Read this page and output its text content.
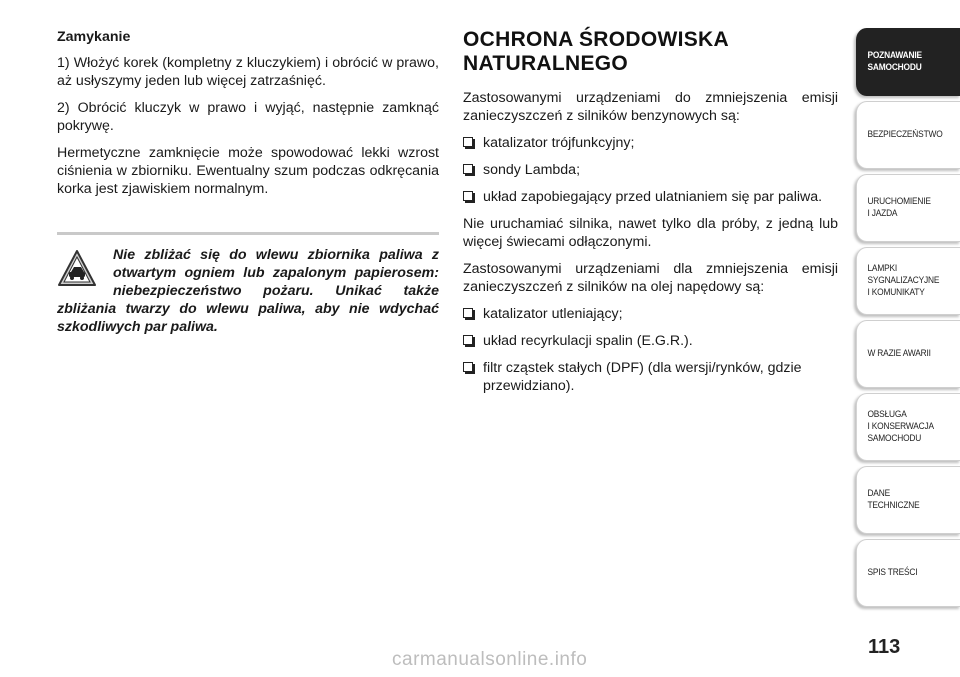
Zamykanie

1) Włożyć korek (kompletny z kluczykiem) i obrócić w prawo, aż usłyszymy jeden lub więcej zatrzaśnięć.

2) Obrócić kluczyk w prawo i wyjąć, następnie zamknąć pokrywę.

Hermetyczne zamknięcie może spowodować lekki wzrost ciśnienia w zbiorniku. Ewentualny szum podczas odkręcania korka jest zjawiskiem normalnym.

Nie zbliżać się do wlewu zbiornika paliwa z otwartym ogniem lub zapalonym papierosem: niebezpieczeństwo pożaru. Unikać także zbliżania twarzy do wlewu paliwa, aby nie wdychać szkodliwych par paliwa.
OCHRONA ŚRODOWISKA NATURALNEGO

Zastosowanymi urządzeniami do zmniejszenia emisji zanieczyszczeń z silników benzynowych są:

katalizator trójfunkcyjny;
sondy Lambda;
układ zapobiegający przed ulatnianiem się par paliwa.

Nie uruchamiać silnika, nawet tylko dla próby, z jedną lub więcej świecami odłączonymi.

Zastosowanymi urządzeniami dla zmniejszenia emisji zanieczyszczeń z silników na olej napędowy są:

katalizator utleniający;
układ recyrkulacji spalin (E.G.R.).
filtr cząstek stałych (DPF) (dla wersji/rynków, gdzie przewidziano).
POZNAWANIE
SAMOCHODU
BEZPIECZEŃSTWO
URUCHOMIENIE
I JAZDA
LAMPKI
SYGNALIZACYJNE
I KOMUNIKATY
W RAZIE AWARII
OBSŁUGA
I KONSERWACJA
SAMOCHODU
DANE
TECHNICZNE
SPIS TREŚCI
113
carmanualsonline.info
